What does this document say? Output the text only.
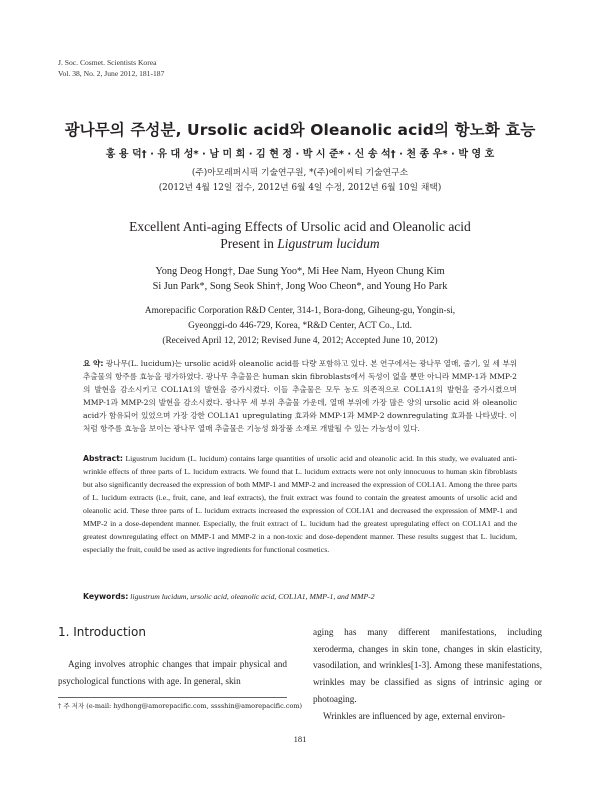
J. Soc. Cosmet. Scientists Korea
Vol. 38, No. 2, June 2012, 181-187
광나무의 주성분, Ursolic acid와 Oleanolic acid의 항노화 효능
홍 용 덕† · 유 대 성* · 남 미 희 · 김 현 정 · 박 시 준* · 신 송 석† · 천 종 우* · 박 영 호
(주)아모레퍼시픽 기술연구원, *(주)에이씨티 기술연구소
(2012년 4월 12일 접수, 2012년 6월 4일 수정, 2012년 6월 10일 채택)
Excellent Anti-aging Effects of Ursolic acid and Oleanolic acid
Present in Ligustrum lucidum
Yong Deog Hong†, Dae Sung Yoo*, Mi Hee Nam, Hyeon Chung Kim
Si Jun Park*, Song Seok Shin†, Jong Woo Cheon*, and Young Ho Park
Amorepacific Corporation R&D Center, 314-1, Bora-dong, Giheung-gu, Yongin-si,
Gyeonggi-do 446-729, Korea, *R&D Center, ACT Co., Ltd.
(Received April 12, 2012; Revised June 4, 2012; Accepted June 10, 2012)
요 약: 광나무(L. lucidum)는 ursolic acid와 oleanolic acid를 다량 포함하고 있다. 본 연구에서는 광나무 열매, 줄기, 잎 세 부위 추출물의 항주름 효능을 평가하였다. 광나무 추출물은 human skin fibroblasts에서 독성이 없을 뿐만 아니라 MMP-1과 MMP-2의 발현을 감소시키고 COL1A1의 발현을 증가시켰다. 이들 추출물은 모두 농도 의존적으로 COL1A1의 발현을 증가시켰으며 MMP-1과 MMP-2의 발현을 감소시켰다. 광나무 세 부위 추출물 가운데, 열매 부위에 가장 많은 양의 ursolic acid 와 oleanolic acid가 함유되어 있었으며 가장 강한 COL1A1 upregulating 효과와 MMP-1과 MMP-2 downregulating 효과를 나타냈다. 이처럼 항주름 효능을 보이는 광나무 열매 추출물은 기능성 화장품 소재로 개발될 수 있는 가능성이 있다.
Abstract: Ligustrum lucidum (L. lucidum) contains large quantities of ursolic acid and oleanolic acid. In this study, we evaluated anti-wrinkle effects of three parts of L. lucidum extracts. We found that L. lucidum extracts were not only innocuous to human skin fibroblasts but also significantly decreased the expression of both MMP-1 and MMP-2 and increased the expression of COL1A1. Among the three parts of L. lucidum extracts (i.e., fruit, cane, and leaf extracts), the fruit extract was found to contain the greatest amounts of ursolic acid and oleanolic acid. These three parts of L. lucidum extracts increased the expression of COL1A1 and decreased the expression of MMP-1 and MMP-2 in a dose-dependent manner. Especially, the fruit extract of L. lucidum had the greatest upregulating effect on COL1A1 and the greatest downregulating effect on MMP-1 and MMP-2 in a non-toxic and dose-dependent manner. These results suggest that L. lucidum, especially the fruit, could be used as active ingredients for functional cosmetics.
Keywords: ligustrum lucidum, ursolic acid, oleanolic acid, COL1A1, MMP-1, and MMP-2
1. Introduction
Aging involves atrophic changes that impair physical and psychological functions with age. In general, skin

aging has many different manifestations, including xeroderma, changes in skin tone, changes in skin elasticity, vasodilation, and wrinkles[1-3]. Among these manifestations, wrinkles may be classified as signs of intrinsic aging or photoaging.

Wrinkles are influenced by age, external environ-

† 주 저자 (e-mail: hydhong@amorepacific.com, sssshin@amorepacific.com)
181
